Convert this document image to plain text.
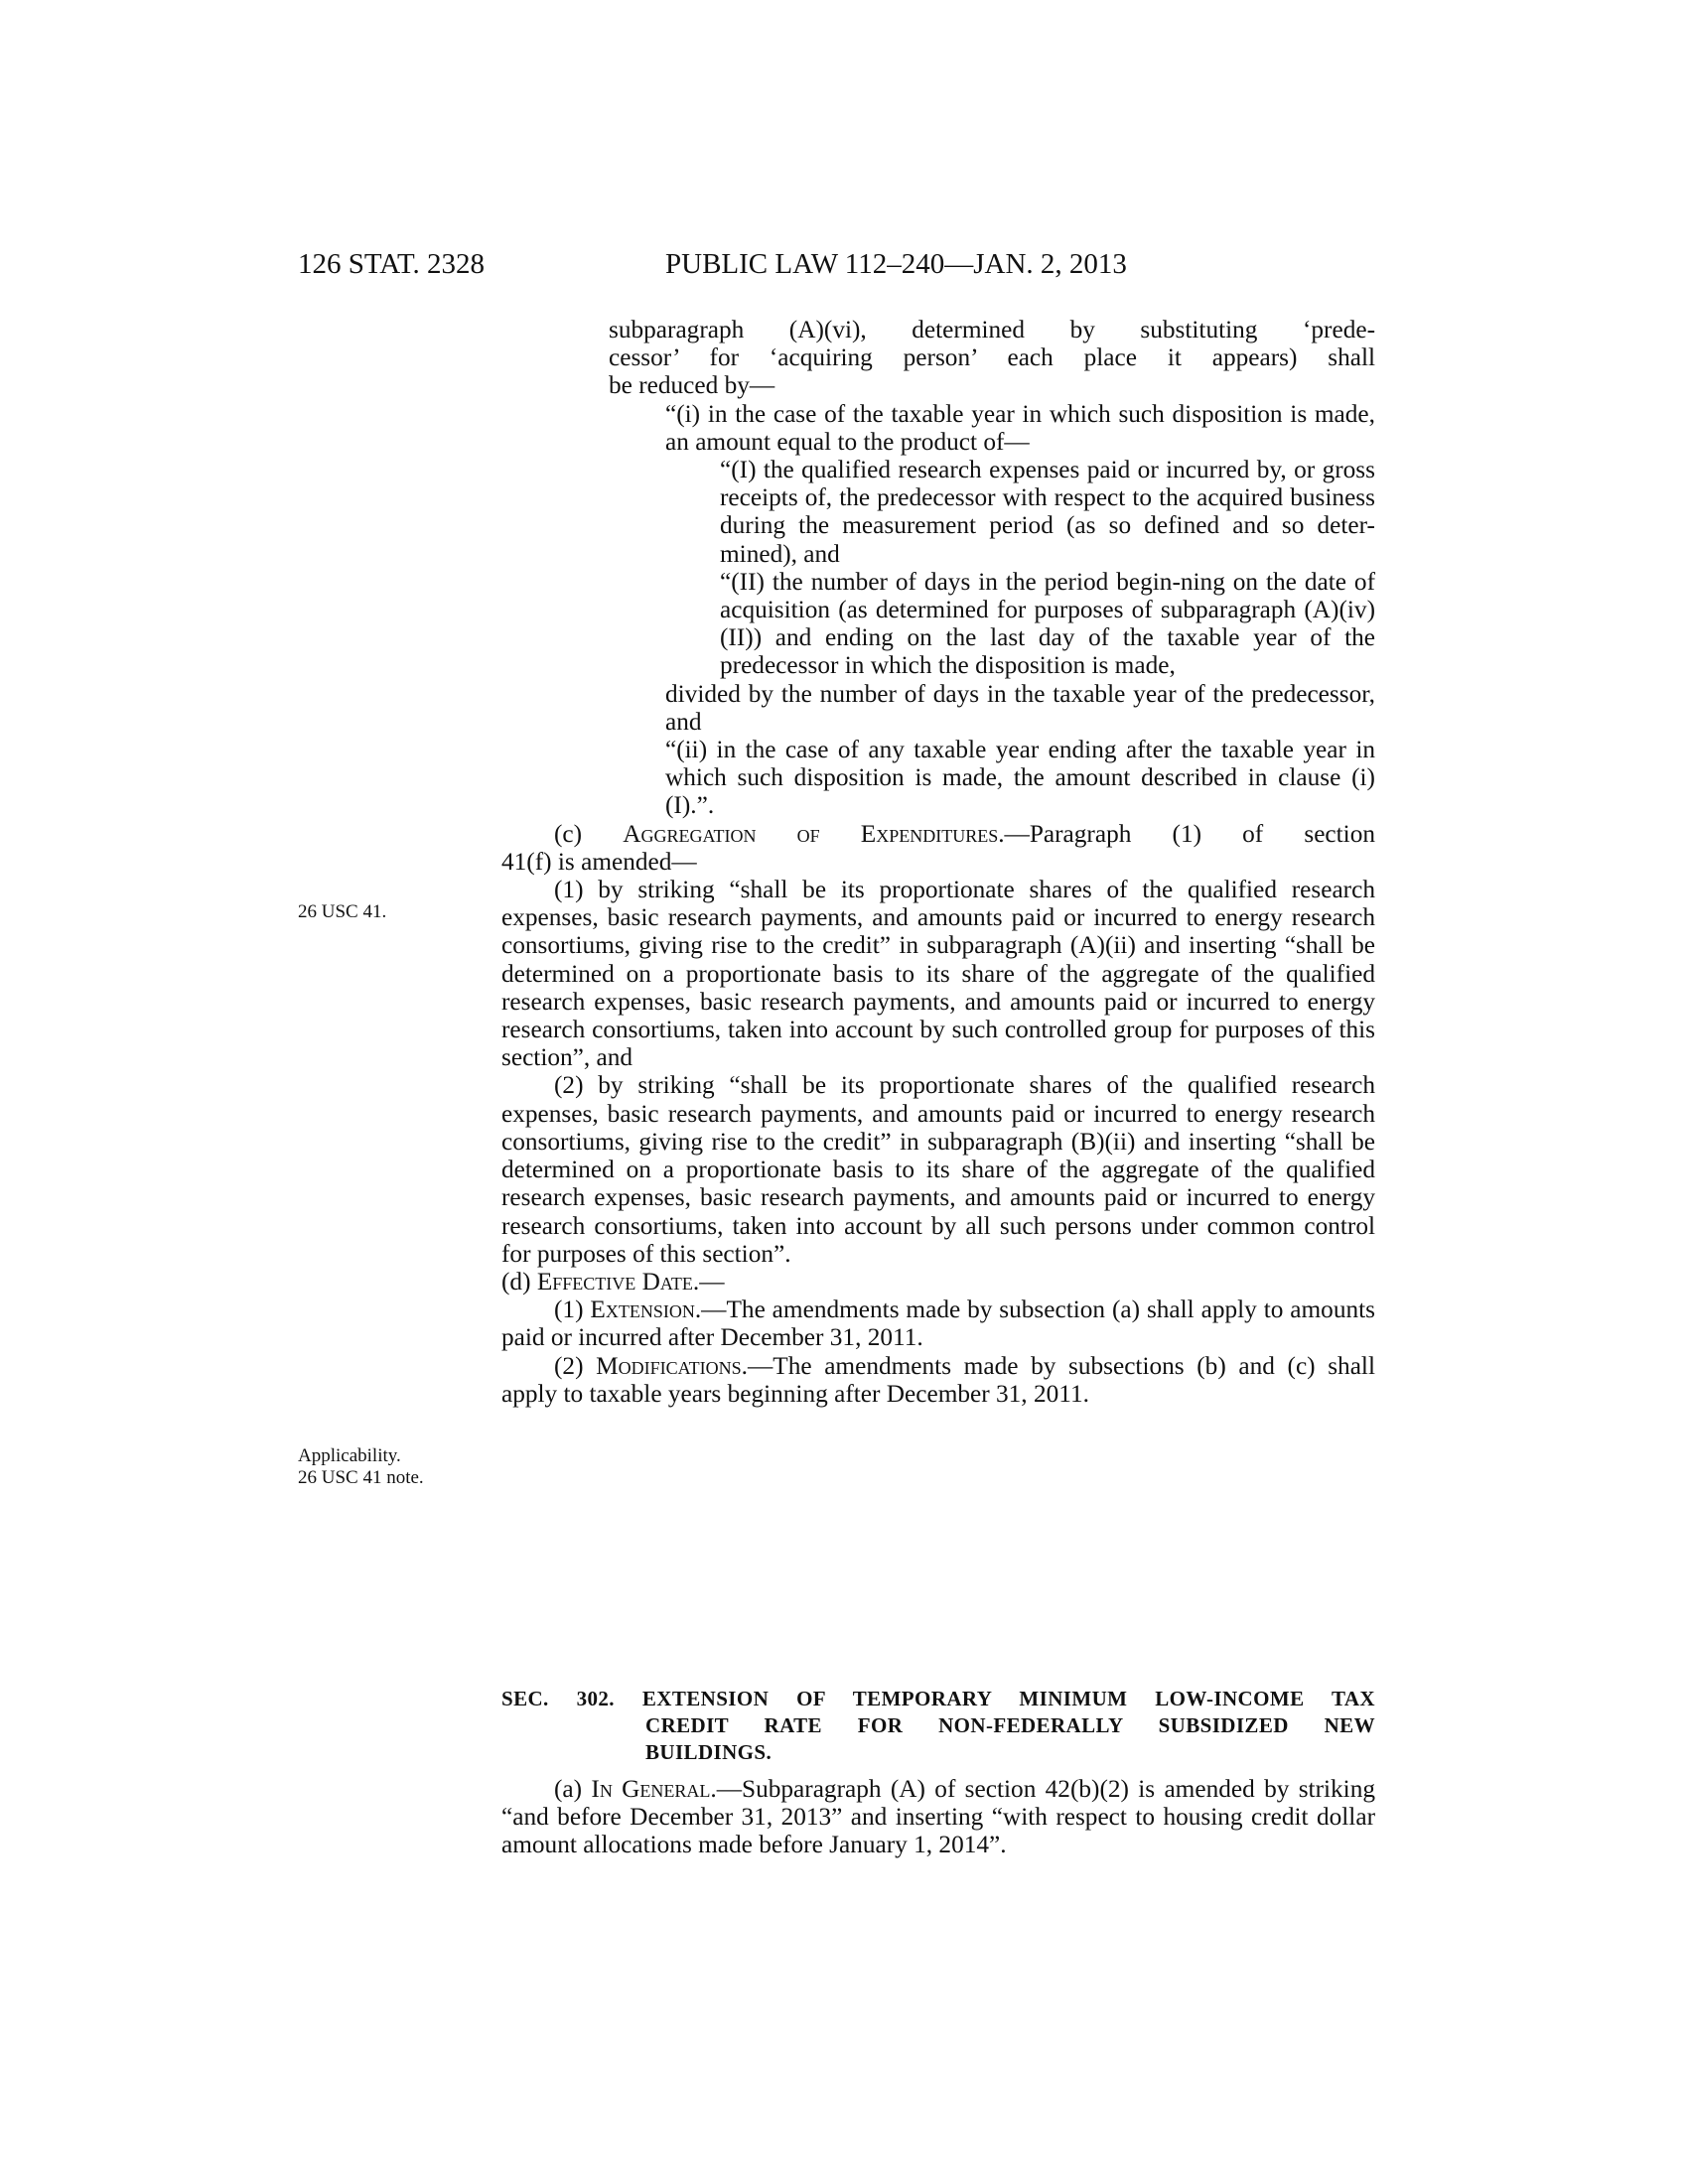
126 STAT. 2328	PUBLIC LAW 112–240—JAN. 2, 2013
26 USC 41.
Applicability.
26 USC 41 note.

subparagraph (A)(vi), determined by substituting ‘prede-

cessor’ for ‘acquiring person’ each place it appears) shall

be reduced by—

“(i) in the case of the taxable year in which such disposition is made, an amount equal to the product of—

“(I) the qualified research expenses paid or incurred by, or gross receipts of, the predecessor with respect to the acquired business during the measurement period (as so defined and so deter-mined), and

“(II) the number of days in the period begin-ning on the date of acquisition (as determined for purposes of subparagraph (A)(iv)(II)) and ending on the last day of the taxable year of the predecessor in which the disposition is made,

divided by the number of days in the taxable year of the predecessor, and

“(ii) in the case of any taxable year ending after the taxable year in which such disposition is made, the amount described in clause (i)(I).”.

(c) Aggregation of Expenditures.—Paragraph (1) of section

41(f) is amended—

(1) by striking “shall be its proportionate shares of the qualified research expenses, basic research payments, and amounts paid or incurred to energy research consortiums, giving rise to the credit” in subparagraph (A)(ii) and inserting “shall be determined on a proportionate basis to its share of the aggregate of the qualified research expenses, basic research payments, and amounts paid or incurred to energy research consortiums, taken into account by such controlled group for purposes of this section”, and

(2) by striking “shall be its proportionate shares of the qualified research expenses, basic research payments, and amounts paid or incurred to energy research consortiums, giving rise to the credit” in subparagraph (B)(ii) and inserting “shall be determined on a proportionate basis to its share of the aggregate of the qualified research expenses, basic research payments, and amounts paid or incurred to energy research consortiums, taken into account by all such persons under common control for purposes of this section”.

(d) Effective Date.—

(1) Extension.—The amendments made by subsection (a) shall apply to amounts paid or incurred after December 31, 2011.

(2) Modifications.—The amendments made by subsections (b) and (c) shall apply to taxable years beginning after December 31, 2011.

SEC. 302. EXTENSION OF TEMPORARY MINIMUM LOW-INCOME TAX
CREDIT RATE FOR NON-FEDERALLY SUBSIDIZED NEW
BUILDINGS.

(a) In General.—Subparagraph (A) of section 42(b)(2) is amended by striking “and before December 31, 2013” and inserting “with respect to housing credit dollar amount allocations made before January 1, 2014”.
